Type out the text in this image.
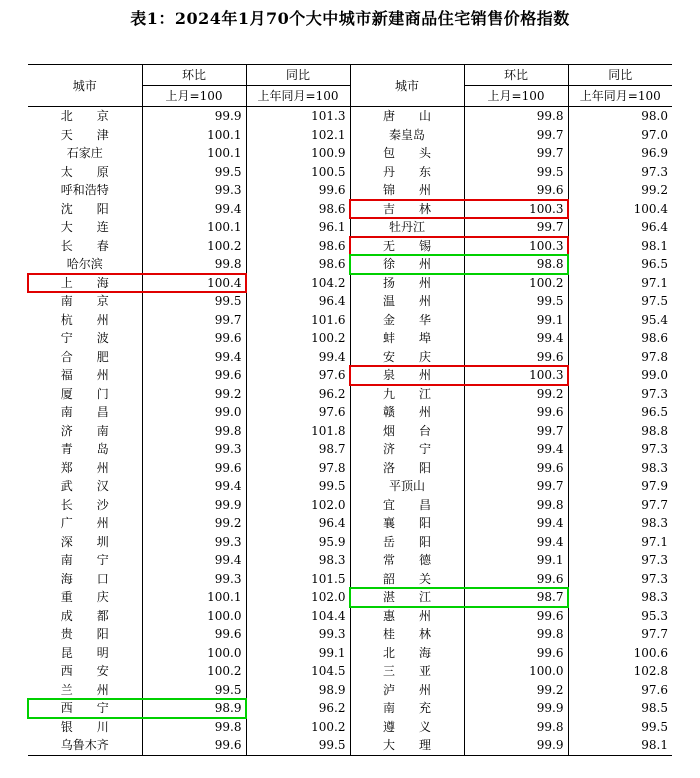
表1：2024年1月70个大中城市新建商品住宅销售价格指数
城市	环比	同比	城市	环比	同比
	上月=100	上年同月=100		上月=100	上年同月=100
北　　京	99.9	101.3	唐　　山	99.8	98.0
天　　津	100.1	102.1	秦皇岛	99.7	97.0
石家庄	100.1	100.9	包　　头	99.7	96.9
太　　原	99.5	100.5	丹　　东	99.5	97.3
呼和浩特	99.3	99.6	锦　　州	99.6	99.2
沈　　阳	99.4	98.6	吉　　林	100.3	100.4
大　　连	100.1	96.1	牡丹江	99.7	96.4
长　　春	100.2	98.6	无　　锡	100.3	98.1
哈尔滨	99.8	98.6	徐　　州	98.8	96.5
上　　海	100.4	104.2	扬　　州	100.2	97.1
南　　京	99.5	96.4	温　　州	99.5	97.5
杭　　州	99.7	101.6	金　　华	99.1	95.4
宁　　波	99.6	100.2	蚌　　埠	99.4	98.6
合　　肥	99.4	99.4	安　　庆	99.6	97.8
福　　州	99.6	97.6	泉　　州	100.3	99.0
厦　　门	99.2	96.2	九　　江	99.2	97.3
南　　昌	99.0	97.6	赣　　州	99.6	96.5
济　　南	99.8	101.8	烟　　台	99.7	98.8
青　　岛	99.3	98.7	济　　宁	99.4	97.3
郑　　州	99.6	97.8	洛　　阳	99.6	98.3
武　　汉	99.4	99.5	平顶山	99.7	97.9
长　　沙	99.9	102.0	宜　　昌	99.8	97.7
广　　州	99.2	96.4	襄　　阳	99.4	98.3
深　　圳	99.3	95.9	岳　　阳	99.4	97.1
南　　宁	99.4	98.3	常　　德	99.1	97.3
海　　口	99.3	101.5	韶　　关	99.6	97.3
重　　庆	100.1	102.0	湛　　江	98.7	98.3
成　　都	100.0	104.4	惠　　州	99.6	95.3
贵　　阳	99.6	99.3	桂　　林	99.8	97.7
昆　　明	100.0	99.1	北　　海	99.6	100.6
西　　安	100.2	104.5	三　　亚	100.0	102.8
兰　　州	99.5	98.9	泸　　州	99.2	97.6
西　　宁	98.9	96.2	南　　充	99.9	98.5
银　　川	99.8	100.2	遵　　义	99.8	99.5
乌鲁木齐	99.6	99.5	大　　理	99.9	98.1
